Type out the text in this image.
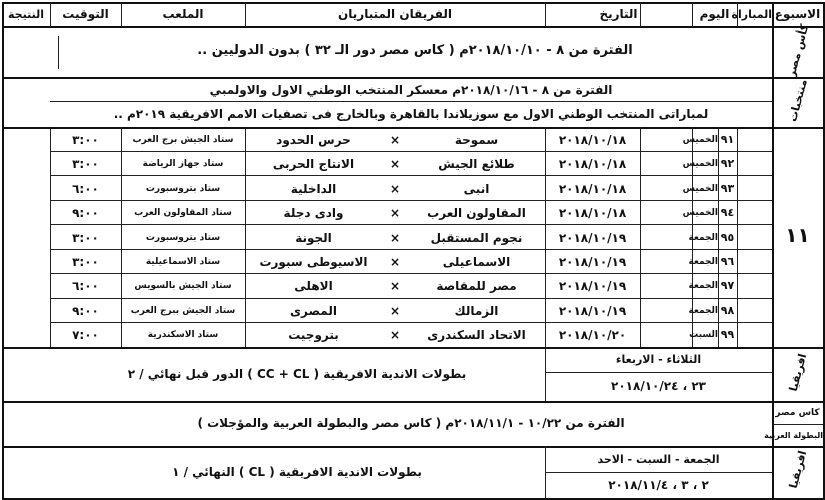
الاسبوع
المباراة
اليوم
التاريخ
الفريقان المتباريان
الملعب
التوقيت
النتيجة
كأس مصر
الفترة من ٨ - ٢٠١٨/١٠/١٠م ( كاس مصر دور الـ ٣٢ ) بدون الدوليين ..
منتخبات
الفترة من ٨ - ٢٠١٨/١٠/١٦م معسكر المنتخب الوطني الاول والاولمبي
لمباراتى المنتخب الوطني الاول مع سوزيلاندا بالقاهرة وبالخارج فى تصفيات الامم الافريقية ٢٠١٩م ..
١١
٩١
الخميس
٢٠١٨/١٠/١٨
سموحة
×
حرس الحدود
ستاد الجيش برج العرب
٣:٠٠
٩٢
الخميس
٢٠١٨/١٠/١٨
طلائع الجيش
×
الانتاج الحربى
ستاد جهاز الرياضة
٣:٠٠
٩٣
الخميس
٢٠١٨/١٠/١٨
انبى
×
الداخلية
ستاد بتروسبورت
٦:٠٠
٩٤
الخميس
٢٠١٨/١٠/١٨
المقاولون العرب
×
وادى دجلة
ستاد المقاولون العرب
٩:٠٠
٩٥
الجمعة
٢٠١٨/١٠/١٩
نجوم المستقبل
×
الجونة
ستاد بتروسبورت
٣:٠٠
٩٦
الجمعة
٢٠١٨/١٠/١٩
الاسماعيلى
×
الاسيوطى سبورت
ستاد الاسماعيلية
٣:٠٠
٩٧
الجمعة
٢٠١٨/١٠/١٩
مصر للمقاصة
×
الاهلى
ستاد الجيش بالسويس
٦:٠٠
٩٨
الجمعة
٢٠١٨/١٠/١٩
الزمالك
×
المصرى
ستاد الجيش ببرج العرب
٩:٠٠
٩٩
السبت
٢٠١٨/١٠/٢٠
الاتحاد السكندرى
×
بتروجيت
ستاد الاسكندرية
٧:٠٠
افريقيا
الثلاثاء - الاربعاء
٢٣ ، ٢٠١٨/١٠/٢٤
بطولات الاندية الافريقية ( CC + CL ) الدور قبل نهائي / ٢
كاس مصر
البطولة العربية
الفترة من ١٠/٢٢ - ٢٠١٨/١١/١م ( كاس مصر والبطولة العربية والمؤجلات )
افريقيا
الجمعة - السبت - الاحد
٢ ، ٣ ، ٢٠١٨/١١/٤
بطولات الاندية الافريقية ( CL ) النهائي / ١
